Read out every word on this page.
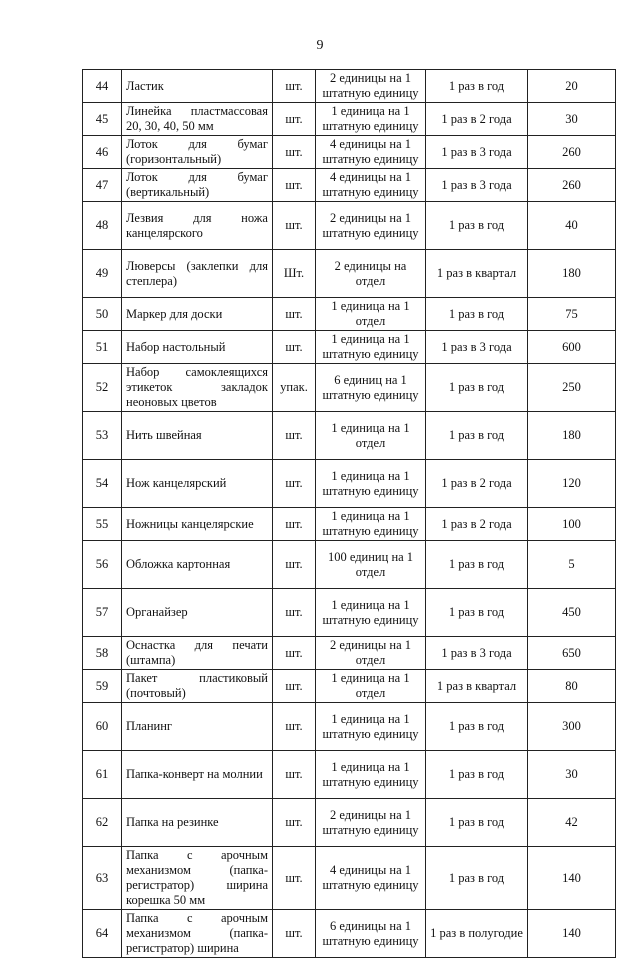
9
44	Ластик	шт.	2 единицы на 1 штатную единицу	1 раз в год	20
45	Линейка пластмассовая 20, 30, 40, 50 мм	шт.	1 единица на 1 штатную единицу	1 раз в 2 года	30
46	Лоток для бумаг (горизонтальный)	шт.	4 единицы на 1 штатную единицу	1 раз в 3 года	260
47	Лоток для бумаг (вертикальный)	шт.	4 единицы на 1 штатную единицу	1 раз в 3 года	260
48	Лезвия для ножа канцелярского	шт.	2 единицы на 1 штатную единицу	1 раз в год	40
49	Люверсы (заклепки для степлера)	Шт.	2 единицы на отдел	1 раз в квартал	180
50	Маркер для доски	шт.	1 единица на 1 отдел	1 раз в год	75
51	Набор настольный	шт.	1 единица на 1 штатную единицу	1 раз в 3 года	600
52	Набор самоклеящихся этикеток закладок неоновых цветов	упак.	6 единиц на 1 штатную единицу	1 раз в год	250
53	Нить швейная	шт.	1 единица на 1 отдел	1 раз в год	180
54	Нож канцелярский	шт.	1 единица на 1 штатную единицу	1 раз в 2 года	120
55	Ножницы канцелярские	шт.	1 единица на 1 штатную единицу	1 раз в 2 года	100
56	Обложка картонная	шт.	100 единиц на 1 отдел	1 раз в год	5
57	Органайзер	шт.	1 единица на 1 штатную единицу	1 раз в год	450
58	Оснастка для печати (штампа)	шт.	2 единицы на 1 отдел	1 раз в 3 года	650
59	Пакет пластиковый (почтовый)	шт.	1 единица на 1 отдел	1 раз в квартал	80
60	Планинг	шт.	1 единица на 1 штатную единицу	1 раз в год	300
61	Папка-конверт на молнии	шт.	1 единица на 1 штатную единицу	1 раз в год	30
62	Папка на резинке	шт.	2 единицы на 1 штатную единицу	1 раз в год	42
63	Папка с арочным механизмом (папка-регистратор) ширина корешка 50 мм	шт.	4 единицы на 1 штатную единицу	1 раз в год	140
64	Папка с арочным механизмом (папка-регистратор) ширина	шт.	6 единицы на 1 штатную единицу	1 раз в полугодие	140
